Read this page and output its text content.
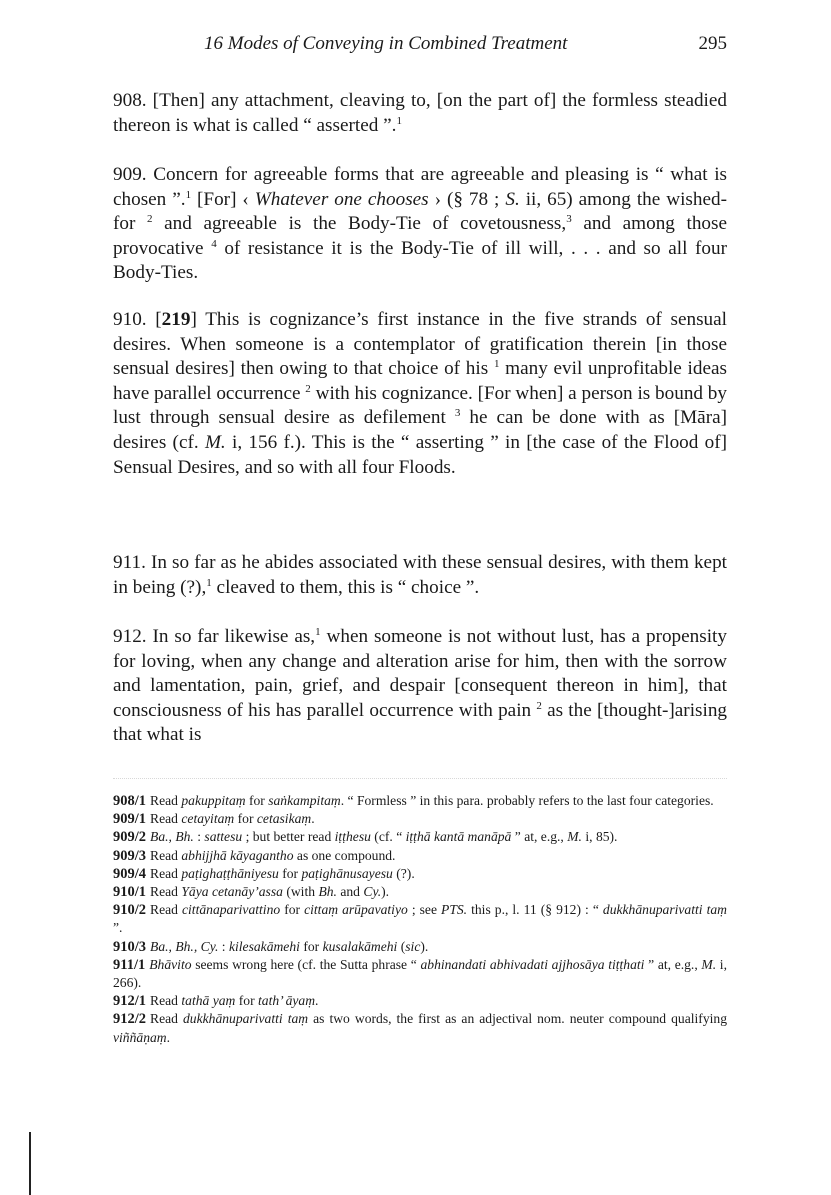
16 Modes of Conveying in Combined Treatment	295

908. [Then] any attachment, cleaving to, [on the part of] the formless steadied thereon is what is called “ asserted ”.$^1$

909. Concern for agreeable forms that are agreeable and pleasing is “ what is chosen ”.$^1$ [For] ‹ Whatever one chooses › (§ 78 ; S. ii, 65) among the wished-for $^2$ and agreeable is the Body-Tie of covetousness,$^3$ and among those provocative $^4$ of resistance it is the Body-Tie of ill will, . . . and so all four Body-Ties.

910. [219] This is cognizance’s first instance in the five strands of sensual desires. When someone is a contemplator of gratification therein [in those sensual desires] then owing to that choice of his $^1$ many evil unprofitable ideas have parallel occurrence $^2$ with his cognizance. [For when] a person is bound by lust through sensual desire as defilement $^3$ he can be done with as [Māra] desires (cf. M. i, 156 f.). This is the “ asserting ” in [the case of the Flood of] Sensual Desires, and so with all four Floods.

911. In so far as he abides associated with these sensual desires, with them kept in being (?),$^1$ cleaved to them, this is “ choice ”.

912. In so far likewise as,$^1$ when someone is not without lust, has a propensity for loving, when any change and alteration arise for him, then with the sorrow and lamentation, pain, grief, and despair [consequent thereon in him], that consciousness of his has parallel occurrence with pain $^2$ as the [thought-]arising that what is

908/1 Read pakuppitaṃ for saṅkampitaṃ. “ Formless ” in this para. probably refers to the last four categories.

909/1 Read cetayitaṃ for cetasikaṃ.

909/2 Ba., Bh. : sattesu ; but better read iṭṭhesu (cf. “ iṭṭhā kantā manāpā ” at, e.g., M. i, 85).

909/3 Read abhijjhā kāyagantho as one compound.

909/4 Read paṭighaṭṭhāniyesu for paṭighānusayesu (?).

910/1 Read Yāya cetanāy’assa (with Bh. and Cy.).

910/2 Read cittānaparivattino for cittaṃ arūpavatiyo ; see PTS. this p., l. 11 (§ 912) : “ dukkhānuparivatti taṃ ”.

910/3 Ba., Bh., Cy. : kilesakāmehi for kusalakāmehi (sic).

911/1 Bhāvito seems wrong here (cf. the Sutta phrase “ abhinandati abhivadati ajjhosāya tiṭṭhati ” at, e.g., M. i, 266).

912/1 Read tathā yaṃ for tath’ āyaṃ.

912/2 Read dukkhānuparivatti taṃ as two words, the first as an adjectival nom. neuter compound qualifying viññāṇaṃ.
